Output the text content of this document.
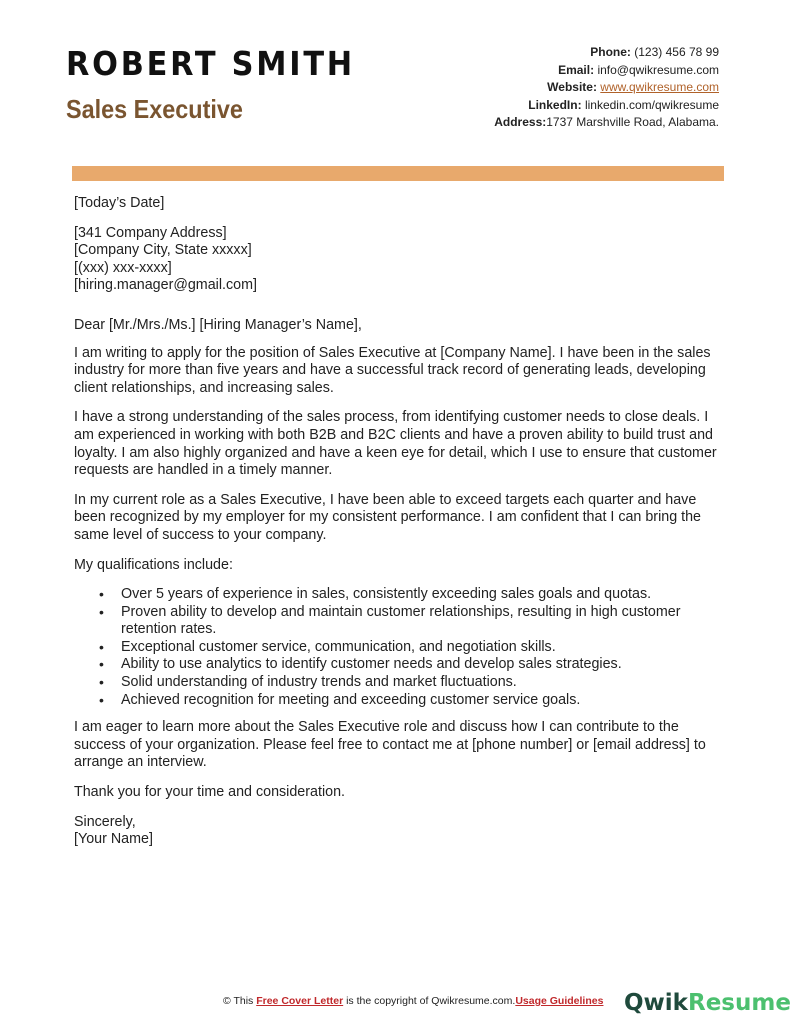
ROBERT SMITH
Sales Executive
Phone: (123) 456 78 99
Email: info@qwikresume.com
Website: www.qwikresume.com
LinkedIn: linkedin.com/qwikresume
Address:1737 Marshville Road, Alabama.

[Today’s Date]

[341 Company Address]

[Company City, State xxxxx]

[(xxx) xxx-xxxx]

[hiring.manager@gmail.com]

Dear [Mr./Mrs./Ms.] [Hiring Manager’s Name],

I am writing to apply for the position of Sales Executive at [Company Name]. I have been in the sales industry for more than five years and have a successful track record of generating leads, developing client relationships, and increasing sales.

I have a strong understanding of the sales process, from identifying customer needs to close deals. I am experienced in working with both B2B and B2C clients and have a proven ability to build trust and loyalty. I am also highly organized and have a keen eye for detail, which I use to ensure that customer requests are handled in a timely manner.

In my current role as a Sales Executive, I have been able to exceed targets each quarter and have been recognized by my employer for my consistent performance. I am confident that I can bring the same level of success to your company.

My qualifications include:

• Over 5 years of experience in sales, consistently exceeding sales goals and quotas.
• Proven ability to develop and maintain customer relationships, resulting in high customer retention rates.
• Exceptional customer service, communication, and negotiation skills.
• Ability to use analytics to identify customer needs and develop sales strategies.
• Solid understanding of industry trends and market fluctuations.
• Achieved recognition for meeting and exceeding customer service goals.

I am eager to learn more about the Sales Executive role and discuss how I can contribute to the success of your organization. Please feel free to contact me at [phone number] or [email address] to arrange an interview.

Thank you for your time and consideration.

Sincerely,

[Your Name]

© This Free Cover Letter is the copyright of Qwikresume.com.Usage Guidelines QwikResume
